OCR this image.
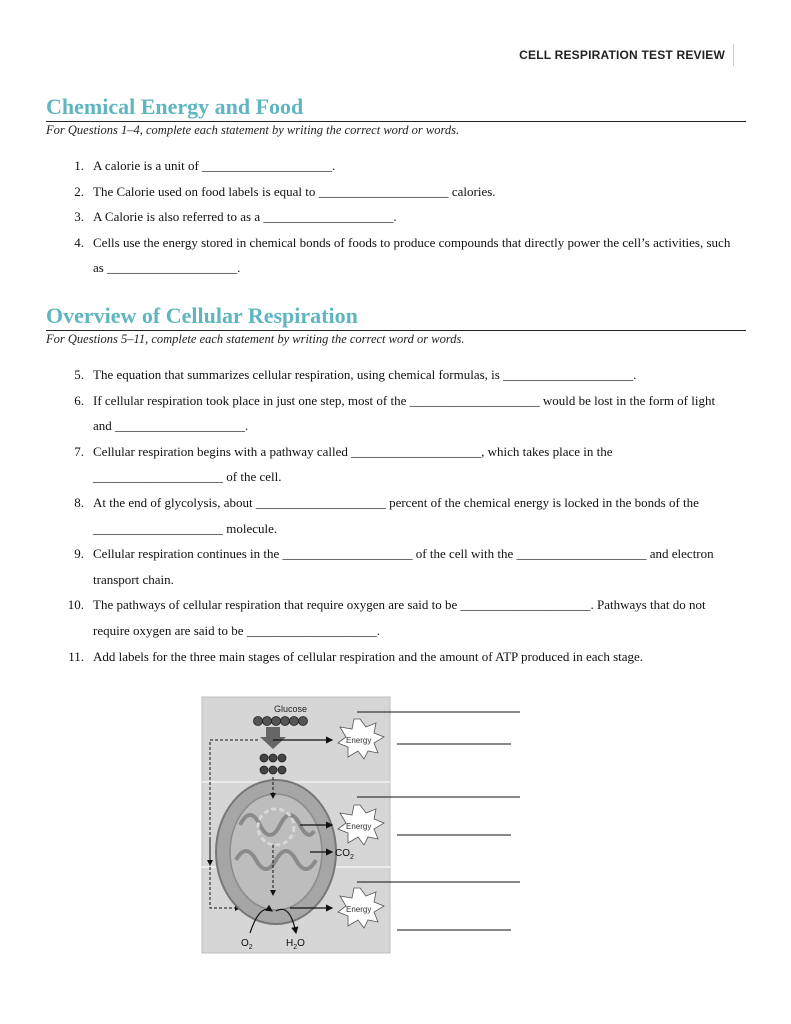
CELL RESPIRATION TEST REVIEW
Chemical Energy and Food
For Questions 1–4, complete each statement by writing the correct word or words.
1. A calorie is a unit of ____________________.
2. The Calorie used on food labels is equal to ____________________ calories.
3. A Calorie is also referred to as a ____________________.
4. Cells use the energy stored in chemical bonds of foods to produce compounds that directly power the cell’s activities, such as ____________________.
Overview of Cellular Respiration
For Questions 5–11, complete each statement by writing the correct word or words.
5. The equation that summarizes cellular respiration, using chemical formulas, is ____________________.
6. If cellular respiration took place in just one step, most of the ____________________ would be lost in the form of light and ____________________.
7. Cellular respiration begins with a pathway called ____________________, which takes place in the ____________________ of the cell.
8. At the end of glycolysis, about ____________________ percent of the chemical energy is locked in the bonds of the ____________________ molecule.
9. Cellular respiration continues in the ____________________ of the cell with the ____________________ and electron transport chain.
10. The pathways of cellular respiration that require oxygen are said to be ____________________. Pathways that do not require oxygen are said to be ____________________.
11. Add labels for the three main stages of cellular respiration and the amount of ATP produced in each stage.
Glucose
$CO_2$
$O_2$	$H_2O$
Energy
Energy
Energy
